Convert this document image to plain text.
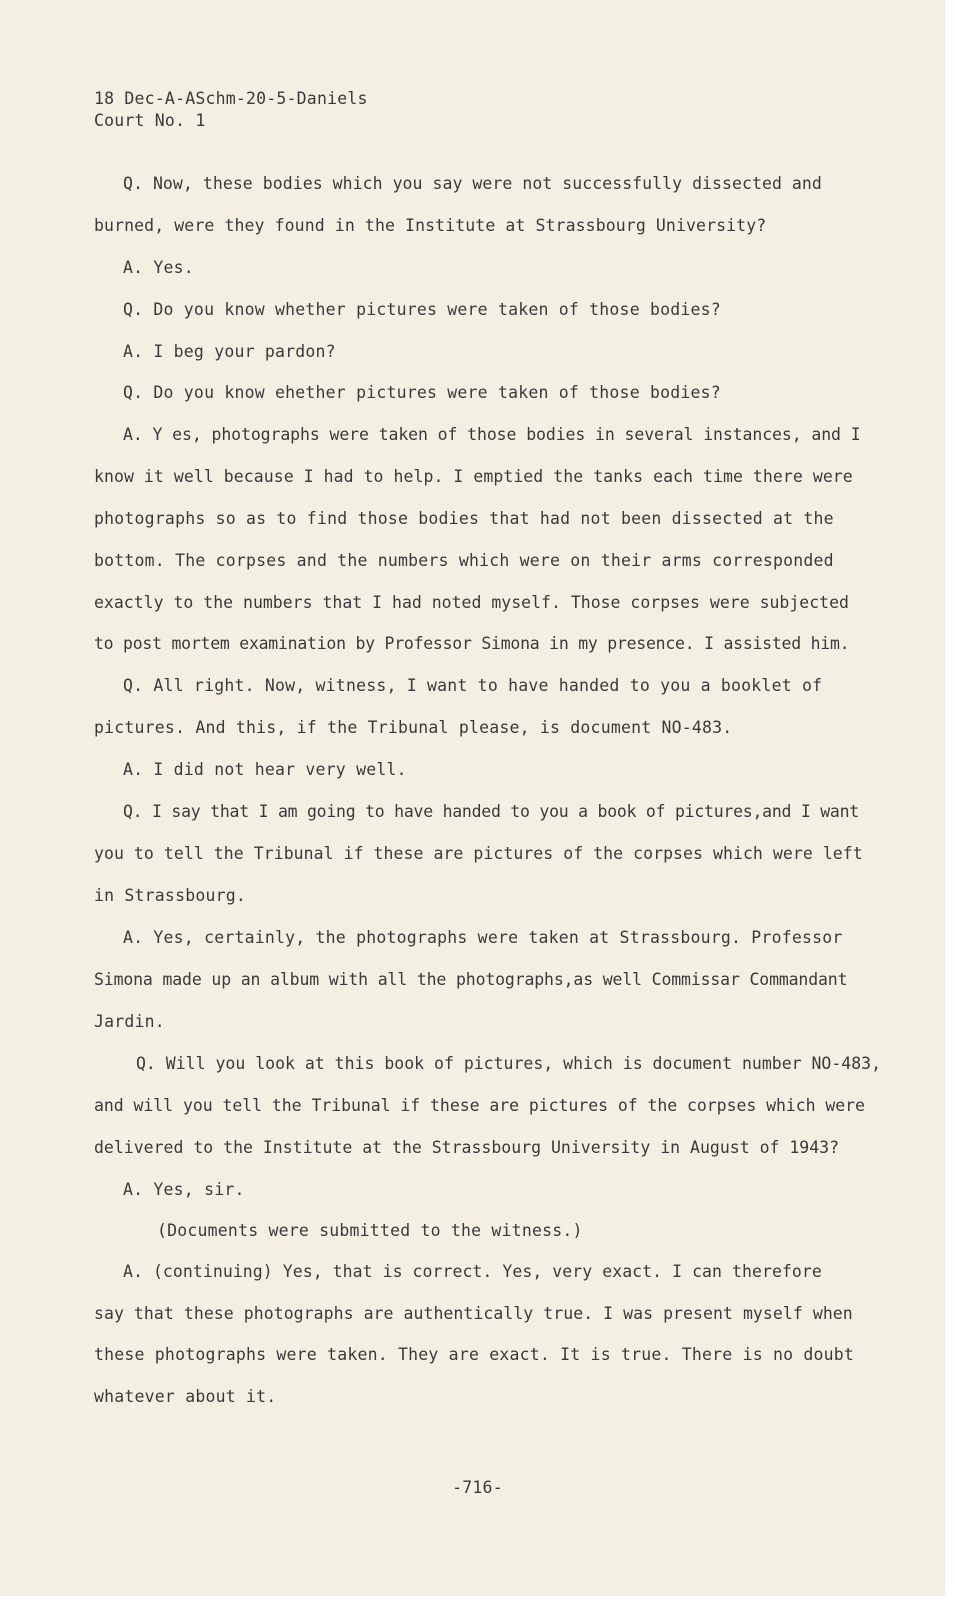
18 Dec-A-ASchm-20-5-Daniels
Court No. 1
Q. Now, these bodies which you say were not successfully dissected and
burned, were they found in the Institute at Strassbourg University?
A. Yes.
Q. Do you know whether pictures were taken of those bodies?
A. I beg your pardon?
Q. Do you know ehether pictures were taken of those bodies?
A. Y es, photographs were taken of those bodies in several instances, and I
know it well because I had to help. I emptied the tanks each time there were
photographs so as to find those bodies that had not been dissected at the
bottom. The corpses and the numbers which were on their arms corresponded
exactly to the numbers that I had noted myself. Those corpses were subjected
to post mortem examination by Professor Simona in my presence. I assisted him.
Q. All right. Now, witness, I want to have handed to you a booklet of
pictures. And this, if the Tribunal please, is document NO-483.
A. I did not hear very well.
Q. I say that I am going to have handed to you a book of pictures,and I want
you to tell the Tribunal if these are pictures of the corpses which were left
in Strassbourg.
A. Yes, certainly, the photographs were taken at Strassbourg. Professor
Simona made up an album with all the photographs,as well Commissar Commandant
Jardin.
Q. Will you look at this book of pictures, which is document number NO-483,
and will you tell the Tribunal if these are pictures of the corpses which were
delivered to the Institute at the Strassbourg University in August of 1943?
A. Yes, sir.
(Documents were submitted to the witness.)
A. (continuing) Yes, that is correct. Yes, very exact. I can therefore
say that these photographs are authentically true. I was present myself when
these photographs were taken. They are exact. It is true. There is no doubt
whatever about it.
-716-
